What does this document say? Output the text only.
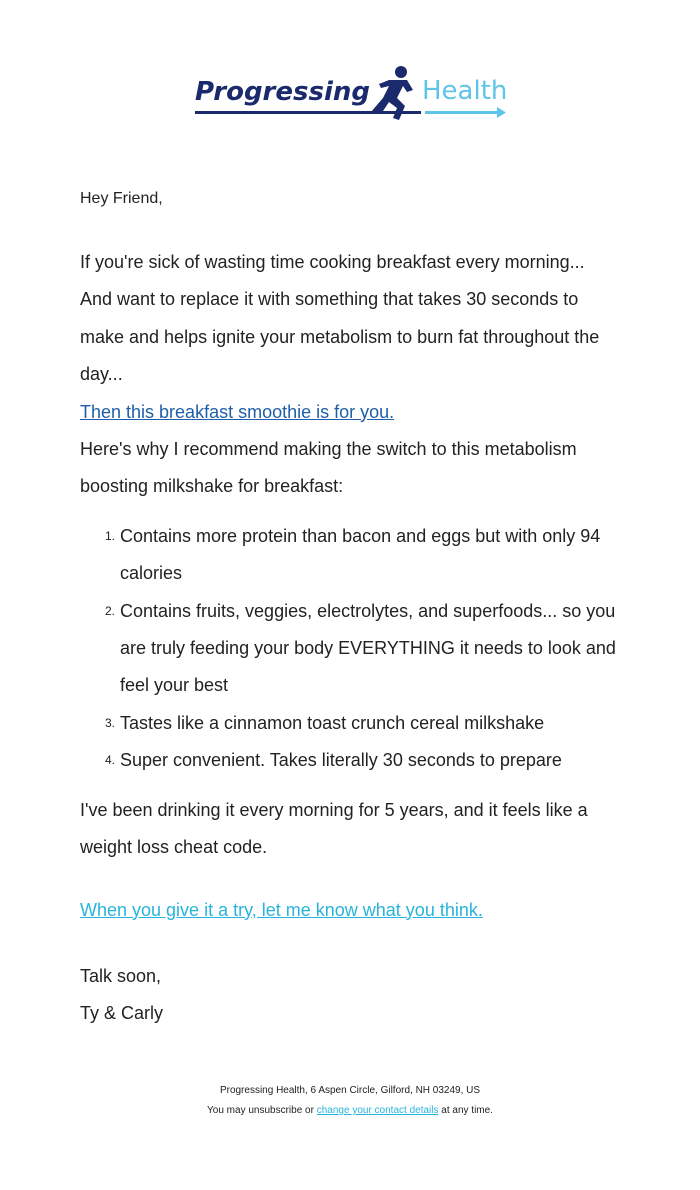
Progressing Health
Hey Friend,

If you're sick of wasting time cooking breakfast every morning...

And want to replace it with something that takes 30 seconds to make and helps ignite your metabolism to burn fat throughout the day...

Then this breakfast smoothie is for you.

Here's why I recommend making the switch to this metabolism boosting milkshake for breakfast:

1. Contains more protein than bacon and eggs but with only 94 calories
2. Contains fruits, veggies, electrolytes, and superfoods... so you are truly feeding your body EVERYTHING it needs to look and feel your best
3. Tastes like a cinnamon toast crunch cereal milkshake
4. Super convenient. Takes literally 30 seconds to prepare

I've been drinking it every morning for 5 years, and it feels like a weight loss cheat code.

When you give it a try, let me know what you think.

Talk soon,

Ty & Carly

Progressing Health, 6 Aspen Circle, Gilford, NH 03249, US
You may unsubscribe or change your contact details at any time.
